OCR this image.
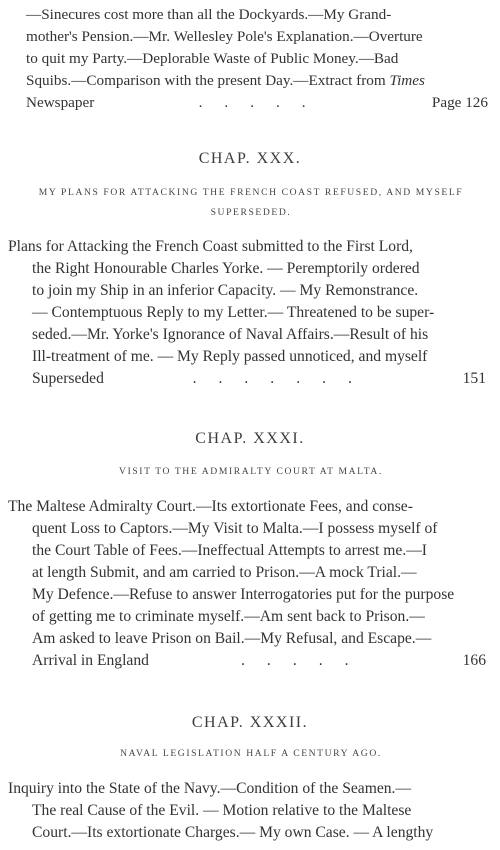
—Sinecures cost more than all the Dockyards.—My Grand-
mother's Pension.—Mr. Wellesley Pole's Explanation.—Overture
to quit my Party.—Deplorable Waste of Public Money.—Bad
Squibs.—Comparison with the present Day.—Extract from Times
Newspaper	.....	Page 126
CHAP. XXX.
MY PLANS FOR ATTACKING THE FRENCH COAST REFUSED, AND MYSELF
SUPERSEDED.
Plans for Attacking the French Coast submitted to the First Lord,
the Right Honourable Charles Yorke. — Peremptorily ordered
to join my Ship in an inferior Capacity. — My Remonstrance.
— Contemptuous Reply to my Letter.— Threatened to be super-
seded.—Mr. Yorke's Ignorance of Naval Affairs.—Result of his
Ill-treatment of me. — My Reply passed unnoticed, and myself
Superseded	.......	151
CHAP. XXXI.
VISIT TO THE ADMIRALTY COURT AT MALTA.
The Maltese Admiralty Court.—Its extortionate Fees, and conse-
quent Loss to Captors.—My Visit to Malta.—I possess myself of
the Court Table of Fees.—Ineffectual Attempts to arrest me.—I
at length Submit, and am carried to Prison.—A mock Trial.—
My Defence.—Refuse to answer Interrogatories put for the purpose
of getting me to criminate myself.—Am sent back to Prison.—
Am asked to leave Prison on Bail.—My Refusal, and Escape.—
Arrival in England	.....	166
CHAP. XXXII.
NAVAL LEGISLATION HALF A CENTURY AGO.
Inquiry into the State of the Navy.—Condition of the Seamen.—
The real Cause of the Evil. — Motion relative to the Maltese
Court.—Its extortionate Charges.— My own Case. — A lengthy
